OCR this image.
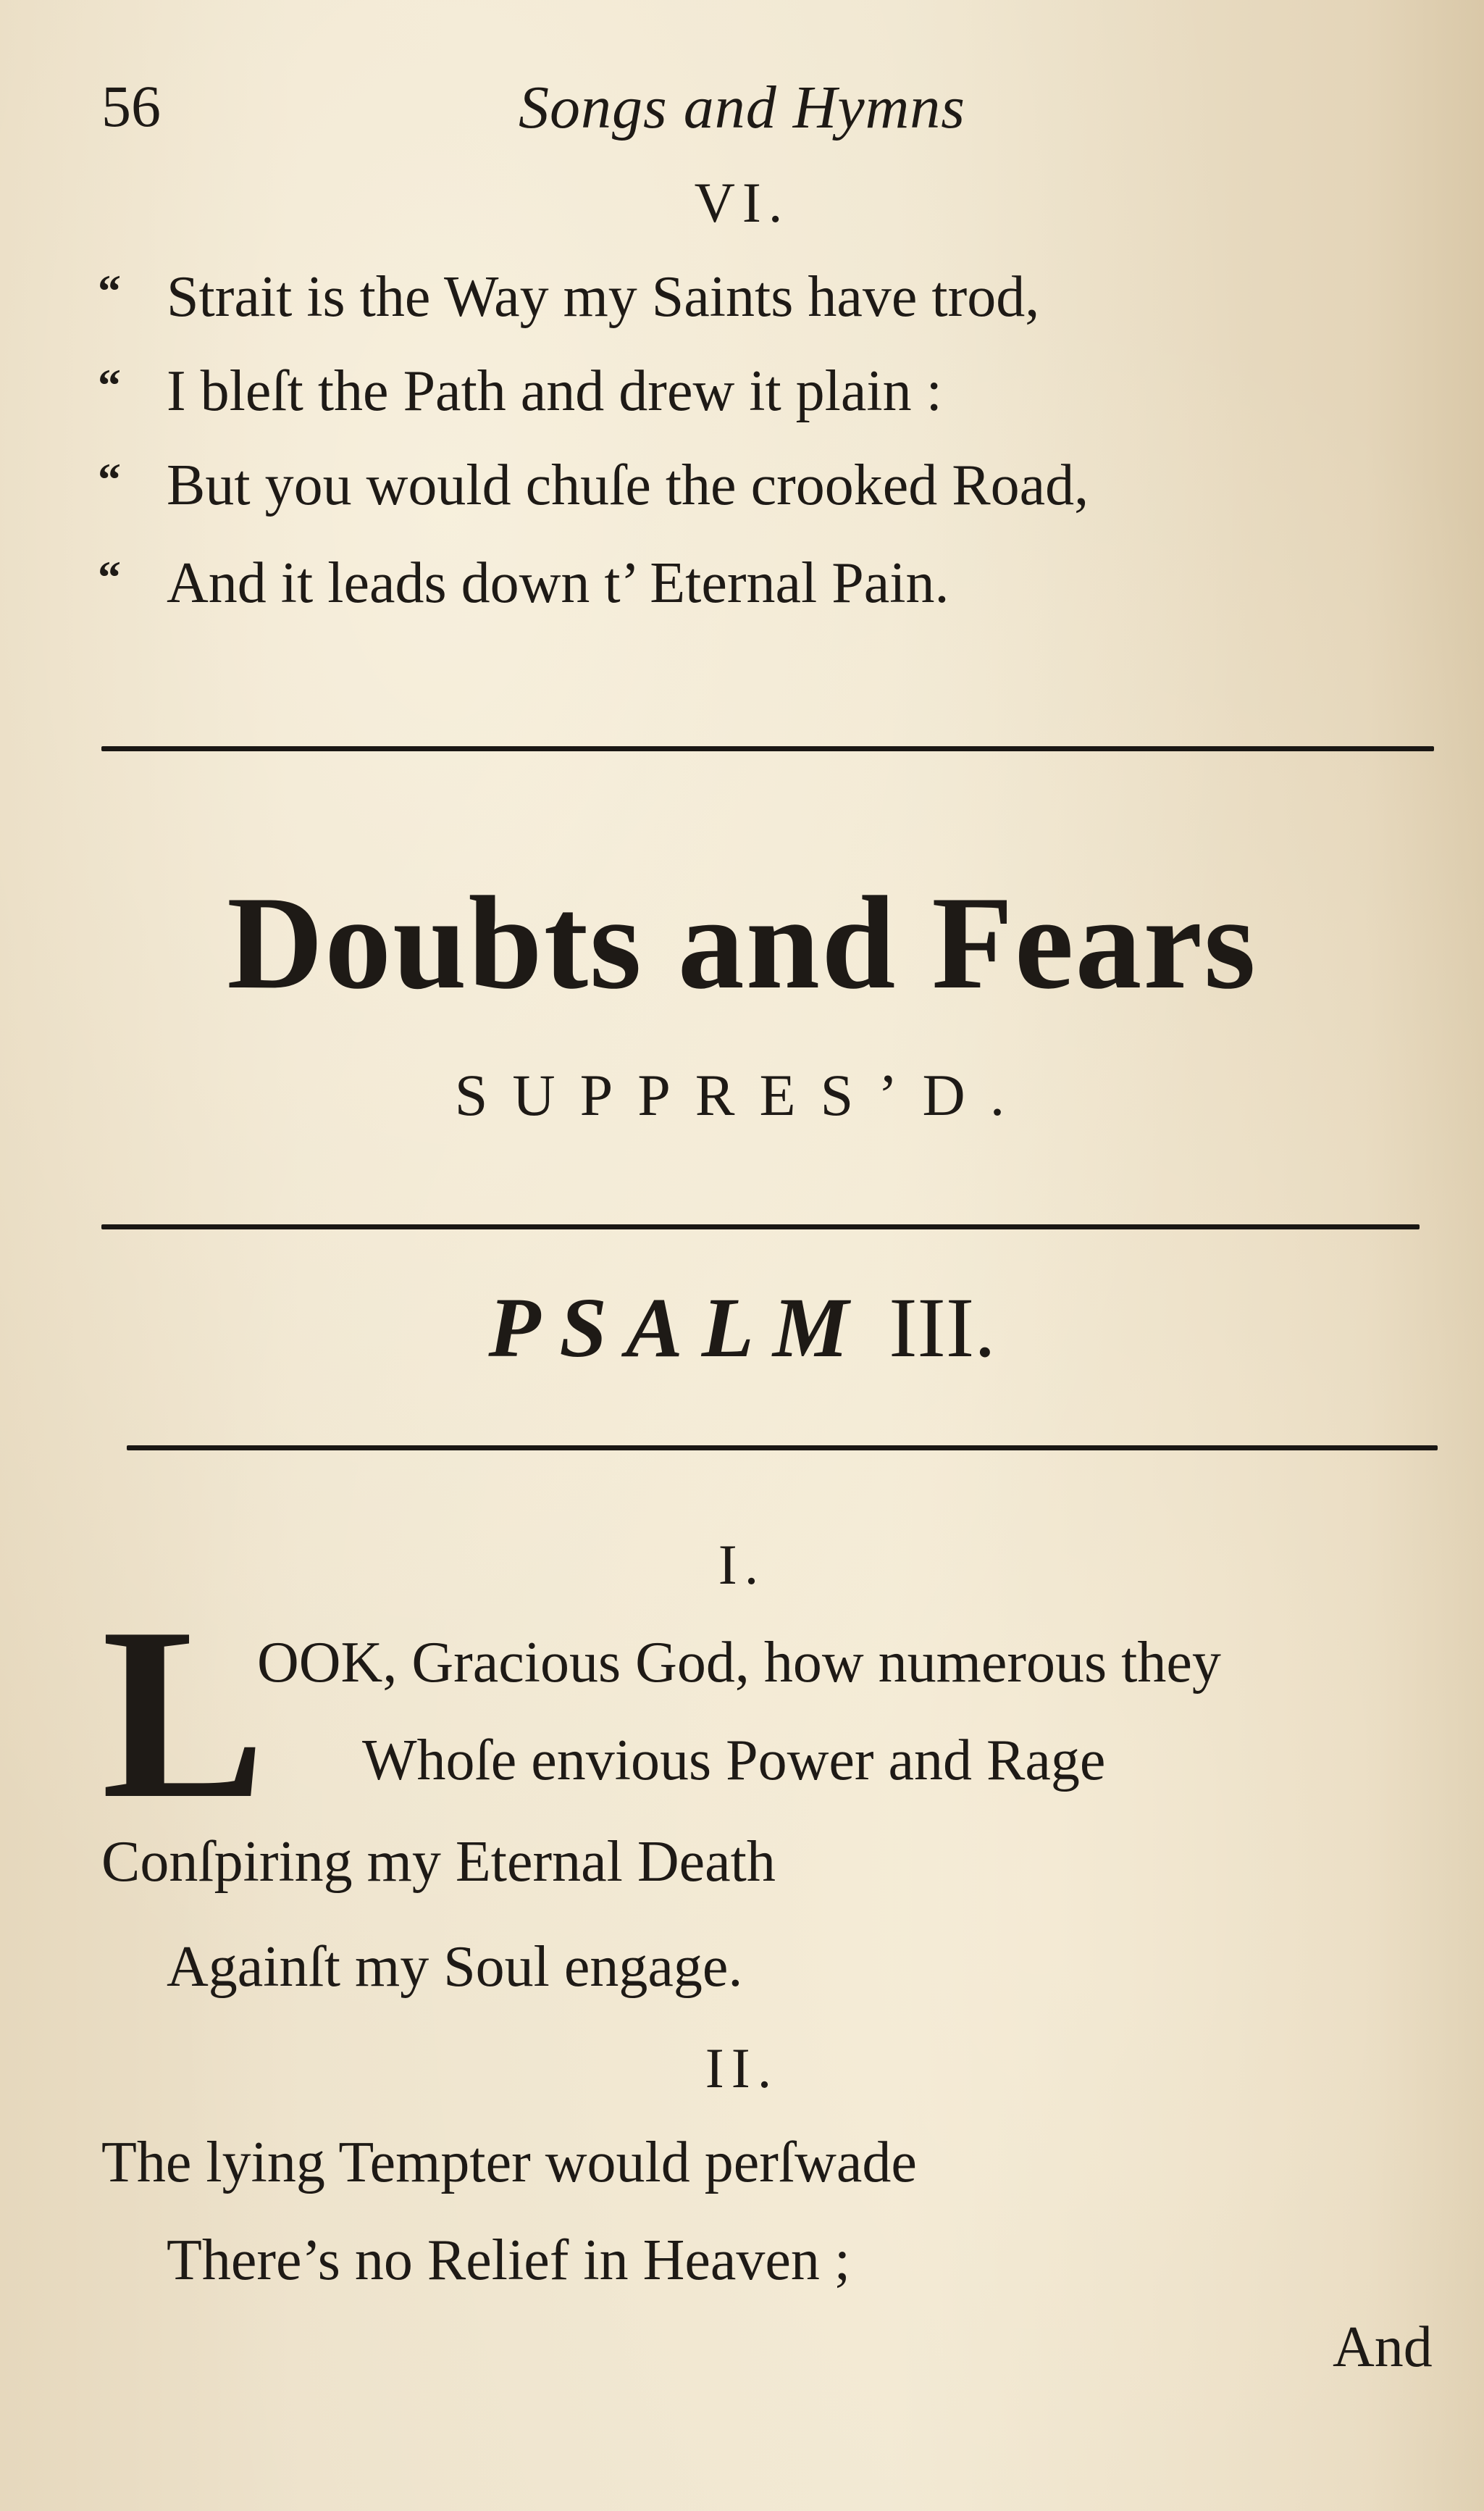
56	Songs and Hymns
VI.
“ Strait is the Way my Saints have trod,
“ I bleſt the Path and drew it plain :
“ But you would chuſe the crooked Road,
“ And it leads down t’ Eternal Pain.
Doubts and Fears
SUPPRES’D.
PSALM III.
I.
L
OOK, Gracious God, how numerous they
Whoſe envious Power and Rage
Conſpiring my Eternal Death
Againſt my Soul engage.
II.
The lying Tempter would perſwade
There’s no Relief in Heaven ;
And
